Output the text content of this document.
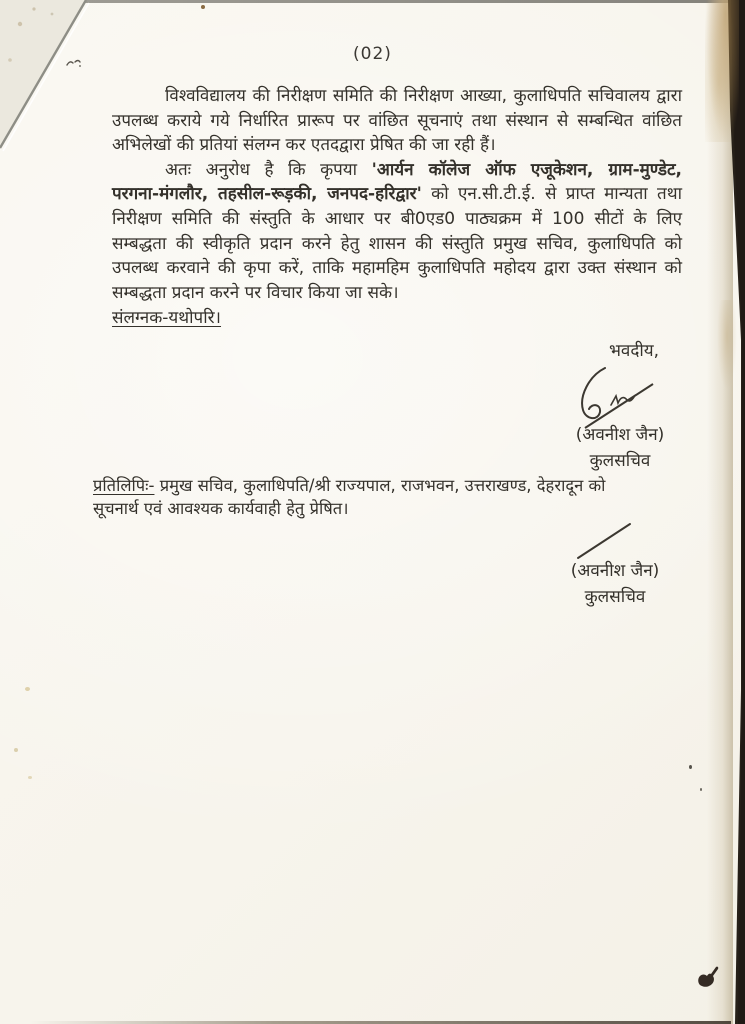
(02)
विश्वविद्यालय की निरीक्षण समिति की निरीक्षण आख्या, कुलाधिपति सचिवालय द्वारा
उपलब्ध कराये गये निर्धारित प्रारूप पर वांछित सूचनाएं तथा संस्थान से सम्बन्धित वांछित
अभिलेखों की प्रतियां संलग्न कर एतदद्वारा प्रेषित की जा रही हैं।
अतः अनुरोध है कि कृपया 'आर्यन कॉलेज ऑफ एजूकेशन, ग्राम-मुण्डेट,
परगना-मंगलौर, तहसील-रूड़की, जनपद-हरिद्वार' को एन.सी.टी.ई. से प्राप्त मान्यता तथा
निरीक्षण समिति की संस्तुति के आधार पर बी0एड0 पाठ्यक्रम में 100 सीटों के लिए
सम्बद्धता की स्वीकृति प्रदान करने हेतु शासन की संस्तुति प्रमुख सचिव, कुलाधिपति को
उपलब्ध करवाने की कृपा करें, ताकि महामहिम कुलाधिपति महोदय द्वारा उक्त संस्थान को
सम्बद्धता प्रदान करने पर विचार किया जा सके।
संलग्नक-यथोपरि।
भवदीय,
(अवनीश जैन)
कुलसचिव
प्रतिलिपिः- प्रमुख सचिव, कुलाधिपति/श्री राज्यपाल, राजभवन, उत्तराखण्ड, देहरादून को
सूचनार्थ एवं आवश्यक कार्यवाही हेतु प्रेषित।
(अवनीश जैन)
कुलसचिव
